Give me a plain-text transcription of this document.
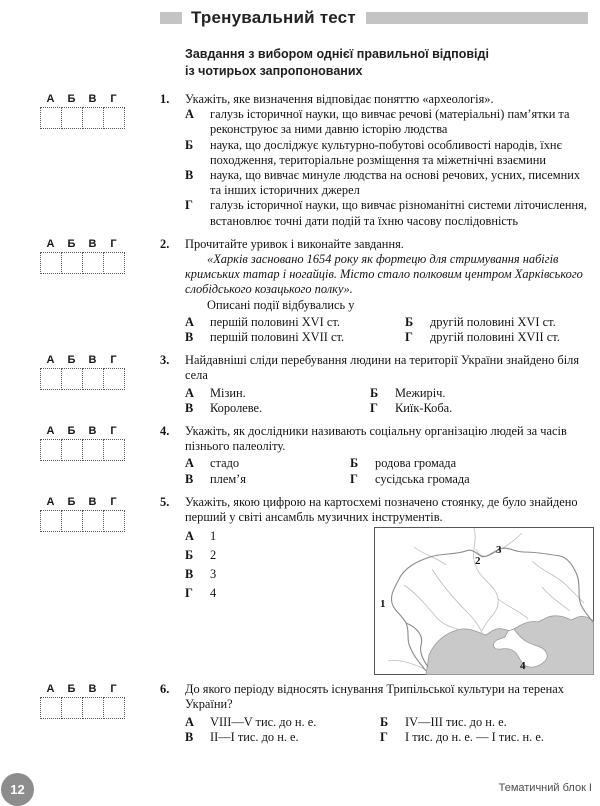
Тренувальний тест
Завдання з вибором однієї правильної відповіді
із чотирьох запропонованих
А	Б	В	Г	1.	Укажіть, яке визначення відповідає поняттю «археологія».
А	галузь історичної науки, що вивчає речові (матеріальні) пам’ятки та реконструює за ними давню історію людства
Б	наука, що досліджує культурно-побутові особливості народів, їхнє походження, територіальне розміщення та міжетнічні взаємини
В	наука, що вивчає минуле людства на основі речових, усних, писемних та інших історичних джерел
Г	галузь історичної науки, що вивчає різноманітні системи літочислення, встановлює точні дати подій та їхню часову послідовність
А	Б	В	Г	2.	Прочитайте уривок і виконайте завдання.
«Харків засновано 1654 року як фортецю для стримування набігів кримських татар і ногайців. Місто стало полковим центром Харківського слобідського козацького полку».
Описані події відбувались у
А	першій половині XVI ст.	Б	другій половині XVI ст.
В	першій половині XVII ст.	Г	другій половині XVII ст.
А	Б	В	Г	3.	Найдавніші сліди перебування людини на території України знайдено біля села
А	Мізин.	Б	Межиріч.
В	Королеве.	Г	Киїк-Коба.
А	Б	В	Г	4.	Укажіть, як дослідники називають соціальну організацію людей за часів пізнього палеоліту.
А	стадо	Б	родова громада
В	плем’я	Г	сусідська громада
А	Б	В	Г	5.	Укажіть, якою цифрою на картосхемі позначено стоянку, де було знайдено перший у світі ансамбль музичних інструментів.
А	1
Б	2
В	3
Г	4
1
2
3
4
А	Б	В	Г	6.	До якого періоду відносять існування Трипільської культури на теренах України?
А	VIII—V тис. до н. е.	Б	IV—III тис. до н. е.
В	II—I тис. до н. е.	Г	I тис. до н. е. — I тис. н. е.
12	Тематичний блок І
